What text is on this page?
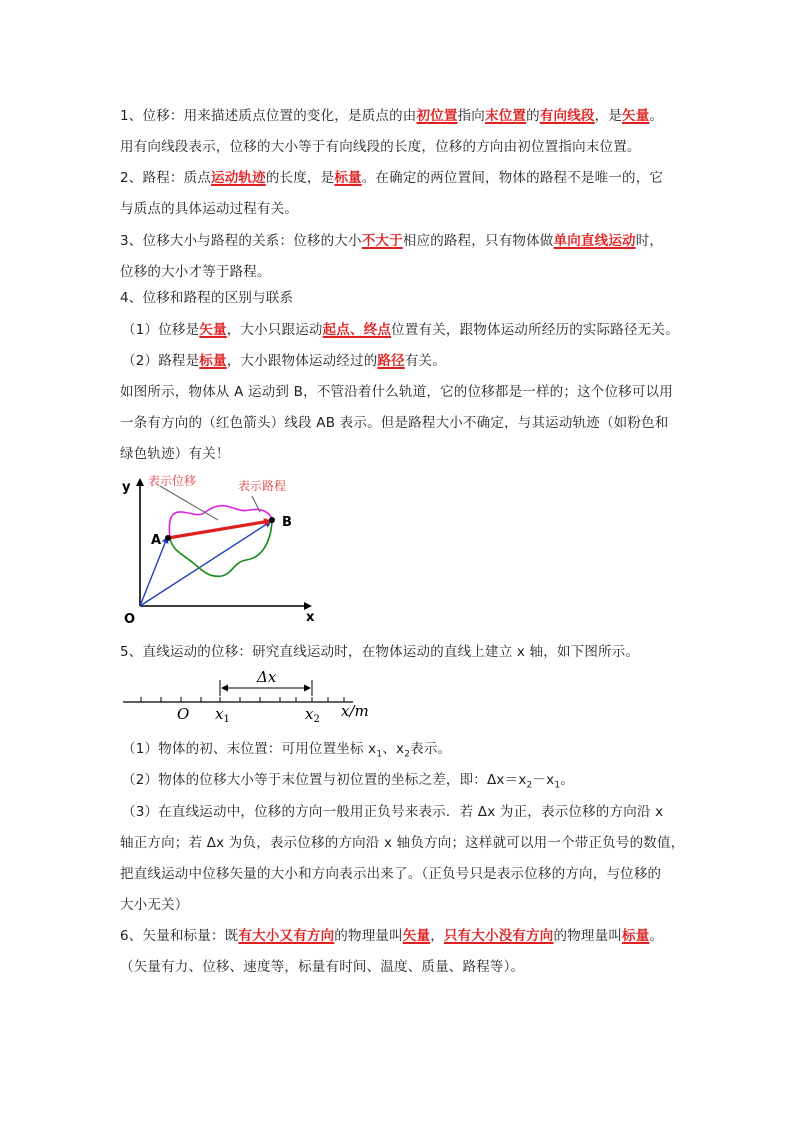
1、位移：用来描述质点位置的变化，是质点的由初位置指向末位置的有向线段，是矢量。
用有向线段表示，位移的大小等于有向线段的长度，位移的方向由初位置指向末位置。
2、路程：质点运动轨迹的长度，是标量。在确定的两位置间，物体的路程不是唯一的，它
与质点的具体运动过程有关。
3、位移大小与路程的关系：位移的大小不大于相应的路程，只有物体做单向直线运动时，
位移的大小才等于路程。
4、位移和路程的区别与联系
（1）位移是矢量，大小只跟运动起点、终点位置有关，跟物体运动所经历的实际路径无关。
（2）路程是标量，大小跟物体运动经过的路径有关。
如图所示，物体从 A 运动到 B，不管沿着什么轨道，它的位移都是一样的；这个位移可以用
一条有方向的（红色箭头）线段 AB 表示。但是路程大小不确定，与其运动轨迹（如粉色和
绿色轨迹）有关！
y
x
O
A
B
表示位移	表示路程
5、直线运动的位移：研究直线运动时，在物体运动的直线上建立 x 轴，如下图所示。
Δx
O $x_1$	$x_2$ x/m
（1）物体的初、末位置：可用位置坐标 $x_1$、$x_2$表示。
（2）物体的位移大小等于末位置与初位置的坐标之差，即：$\Delta x=x_2-x_1$。
（3）在直线运动中，位移的方向一般用正负号来表示．若 Δx 为正，表示位移的方向沿 x
轴正方向；若 Δx 为负，表示位移的方向沿 x 轴负方向；这样就可以用一个带正负号的数值，
把直线运动中位移矢量的大小和方向表示出来了。（正负号只是表示位移的方向，与位移的
大小无关）
6、矢量和标量：既有大小又有方向的物理量叫矢量，只有大小没有方向的物理量叫标量。
（矢量有力、位移、速度等，标量有时间、温度、质量、路程等）。
